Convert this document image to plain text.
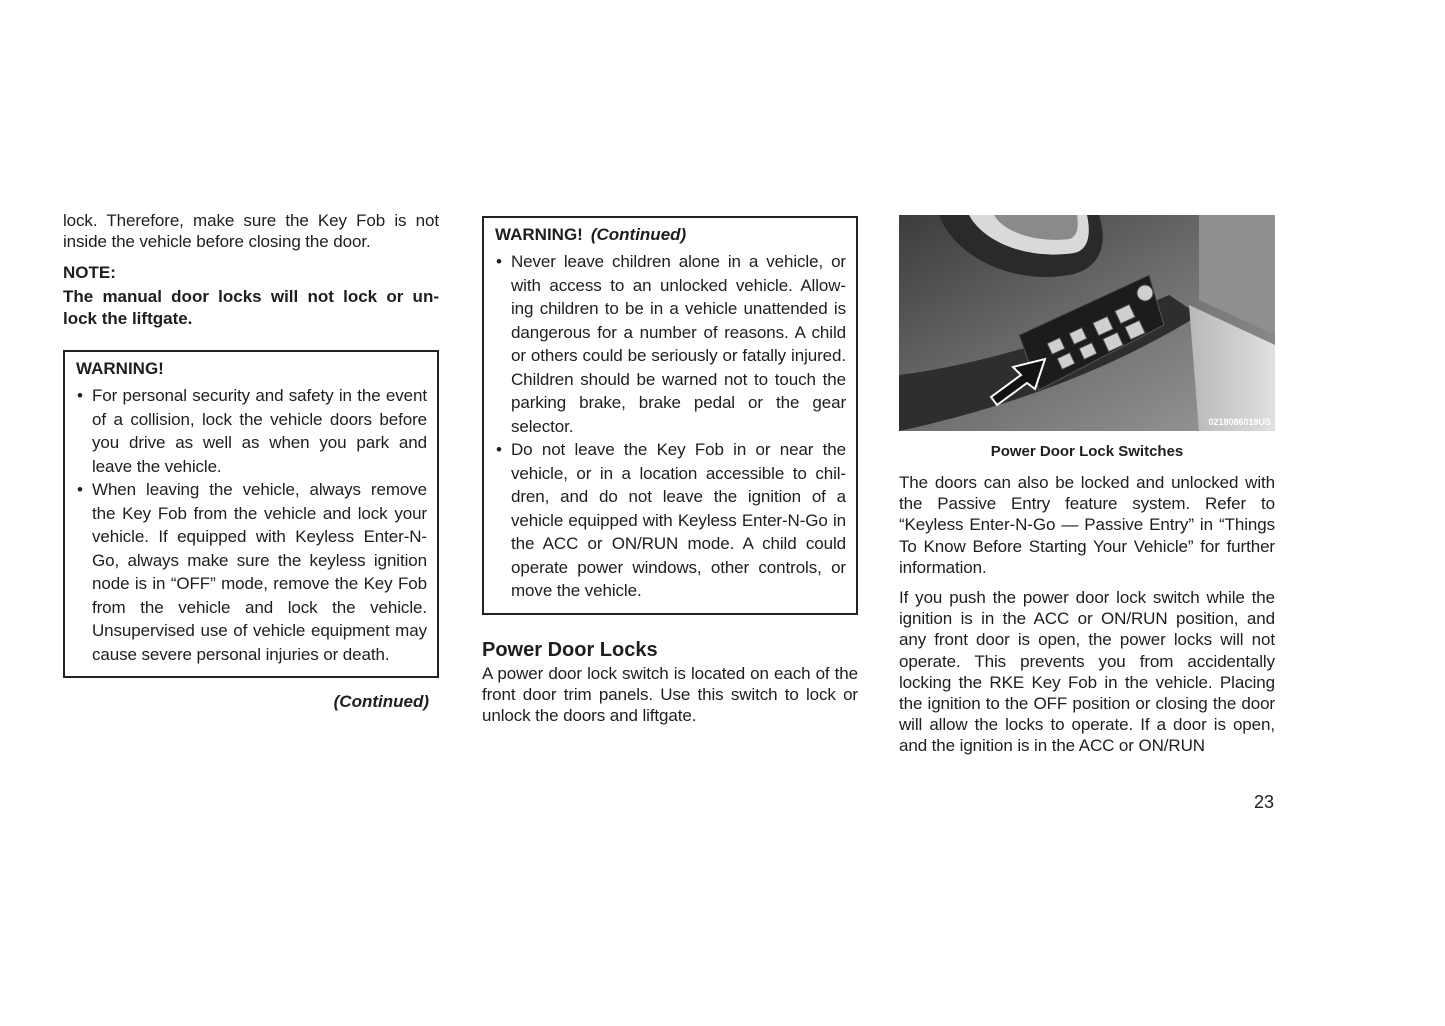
lock. Therefore, make sure the Key Fob is not inside the vehicle before closing the door.

NOTE:

The manual door locks will not lock or un- lock the liftgate.

WARNING!
• For personal security and safety in the event of a collision, lock the vehicle doors before you drive as well as when you park and leave the vehicle.
• When leaving the vehicle, always remove the Key Fob from the vehicle and lock your vehicle. If equipped with Keyless Enter-N-Go, always make sure the keyless ignition node is in “OFF” mode, remove the Key Fob from the vehicle and lock the vehicle. Unsupervised use of vehicle equipment may cause severe personal injuries or death.
(Continued)
WARNING! (Continued)
• Never leave children alone in a vehicle, or with access to an unlocked vehicle. Allow- ing children to be in a vehicle unattended is dangerous for a number of reasons. A child or others could be seriously or fatally injured. Children should be warned not to touch the parking brake, brake pedal or the gear selector.
• Do not leave the Key Fob in or near the vehicle, or in a location accessible to chil- dren, and do not leave the ignition of a vehicle equipped with Keyless Enter-N-Go in the ACC or ON/RUN mode. A child could operate power windows, other controls, or move the vehicle.
Power Door Locks

A power door lock switch is located on each of the front door trim panels. Use this switch to lock or unlock the doors and liftgate.

0218086019US
Power Door Lock Switches

The doors can also be locked and unlocked with the Passive Entry feature system. Refer to “Keyless Enter-N-Go — Passive Entry” in “Things To Know Before Starting Your Vehicle” for further information.

If you push the power door lock switch while the ignition is in the ACC or ON/RUN position, and any front door is open, the power locks will not operate. This prevents you from accidentally locking the RKE Key Fob in the vehicle. Placing the ignition to the OFF position or closing the door will allow the locks to operate. If a door is open, and the ignition is in the ACC or ON/RUN

23
